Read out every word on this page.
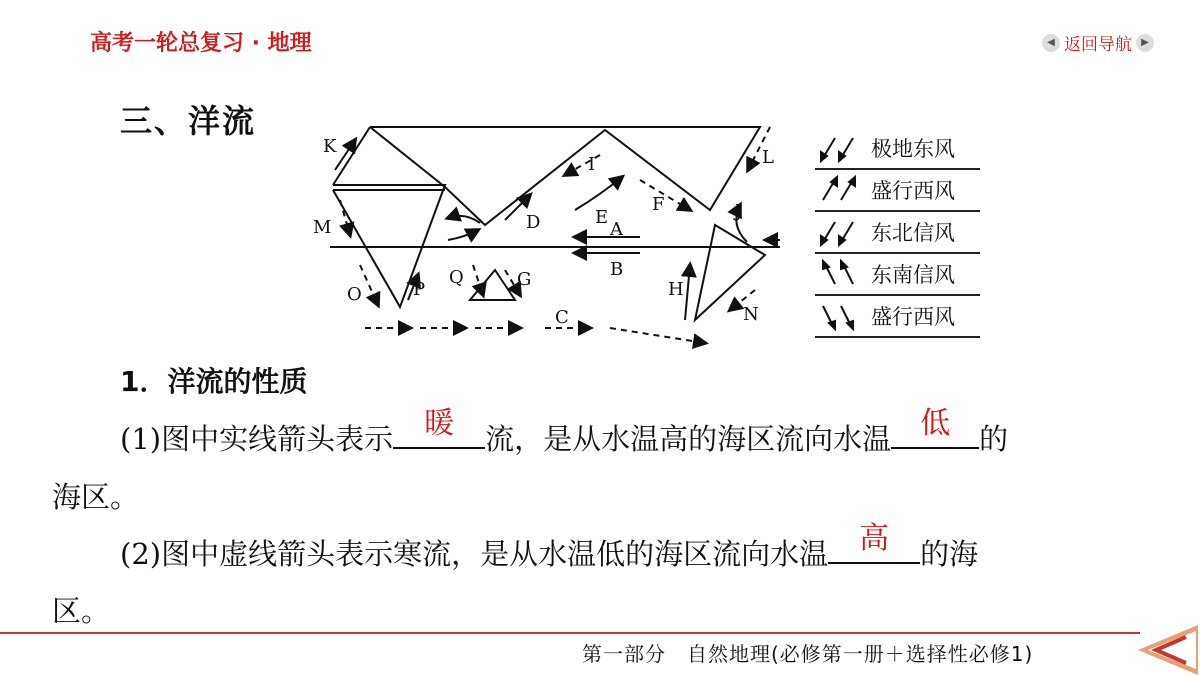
高考一轮总复习 · 地理	◀ 返回导航 ▶
三、洋流
K
L
M
I
F	J
E
A
B
D
Q	G
O	P	H
N
C
极地东风
盛行西风
东北信风
东南信风
盛行西风
1．洋流的性质
(1)图中实线箭头表示	暖	流，是从水温高的海区流向水温 低	的
海区。
(2)图中虚线箭头表示寒流，是从水温低的海区流向水温	高	的海
区。
第一部分　自然地理(必修第一册＋选择性必修1)
